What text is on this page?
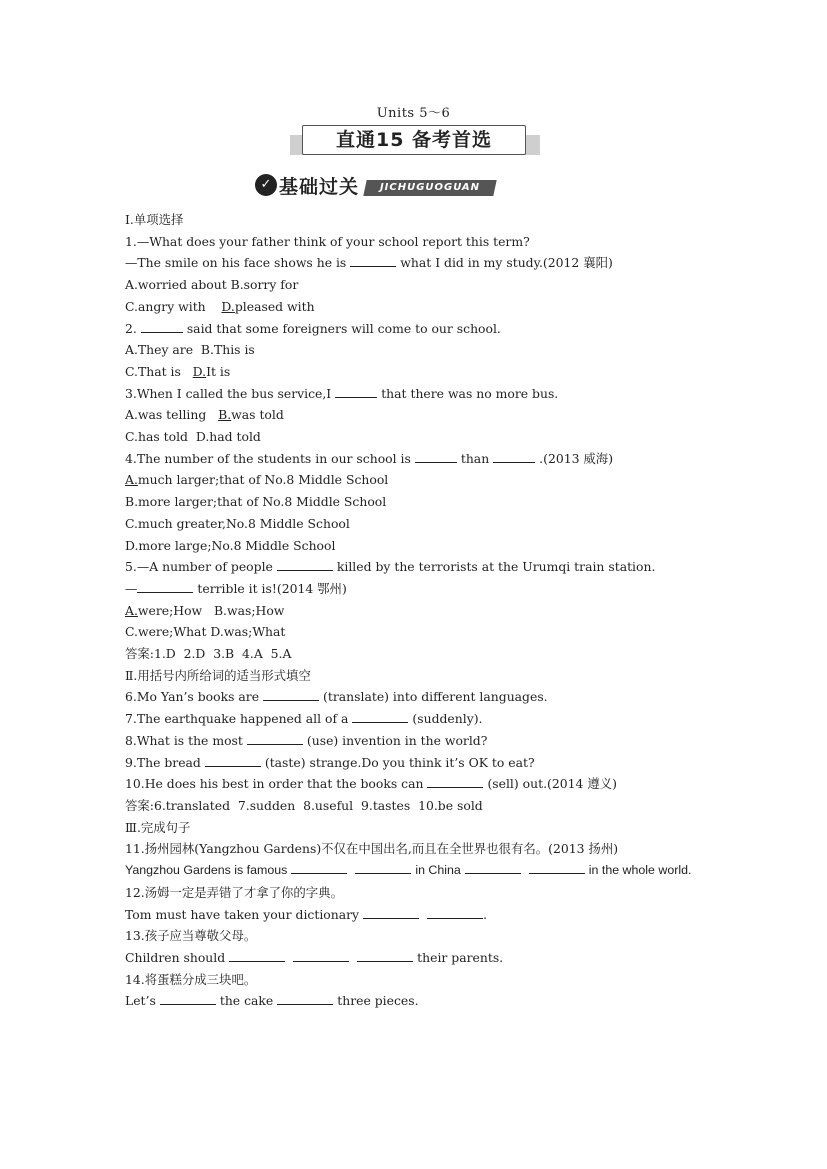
Units 5～6
直通15 备考首选
✓ 基础过关	JICHUGUOGUAN
Ⅰ.单项选择
1.—What does your father think of your school report this term?
—The smile on his face shows he is	what I did in my study.(2012 襄阳)
A.worried about B.sorry for
C.angry with    D.pleased with
2.	said that some foreigners will come to our school.
A.They are  B.This is
C.That is   D.It is
3.When I called the bus service,I	that there was no more bus.
A.was telling   B.was told
C.has told  D.had told
4.The number of the students in our school is	than	.(2013 威海)
A.much larger;that of No.8 Middle School
B.more larger;that of No.8 Middle School
C.much greater,No.8 Middle School
D.more large;No.8 Middle School
5.—A number of people	killed by the terrorists at the Urumqi train station.
—	terrible it is!(2014 鄂州)
A.were;How   B.was;How
C.were;What D.was;What
答案:1.D  2.D  3.B  4.A  5.A
Ⅱ.用括号内所给词的适当形式填空
6.Mo Yan’s books are	(translate) into different languages.
7.The earthquake happened all of a	(suddenly).
8.What is the most	(use) invention in the world?
9.The bread	(taste) strange.Do you think it’s OK to eat?
10.He does his best in order that the books can	(sell) out.(2014 遵义)
答案:6.translated  7.sudden  8.useful  9.tastes  10.be sold
Ⅲ.完成句子
11.扬州园林(Yangzhou Gardens)不仅在中国出名,而且在全世界也很有名。(2013 扬州)
Yangzhou Gardens is famous	in China	in the whole world.
12.汤姆一定是弄错了才拿了你的字典。
Tom must have taken your dictionary	.
13.孩子应当尊敬父母。
Children should	their parents.
14.将蛋糕分成三块吧。
Let’s	the cake	three pieces.
